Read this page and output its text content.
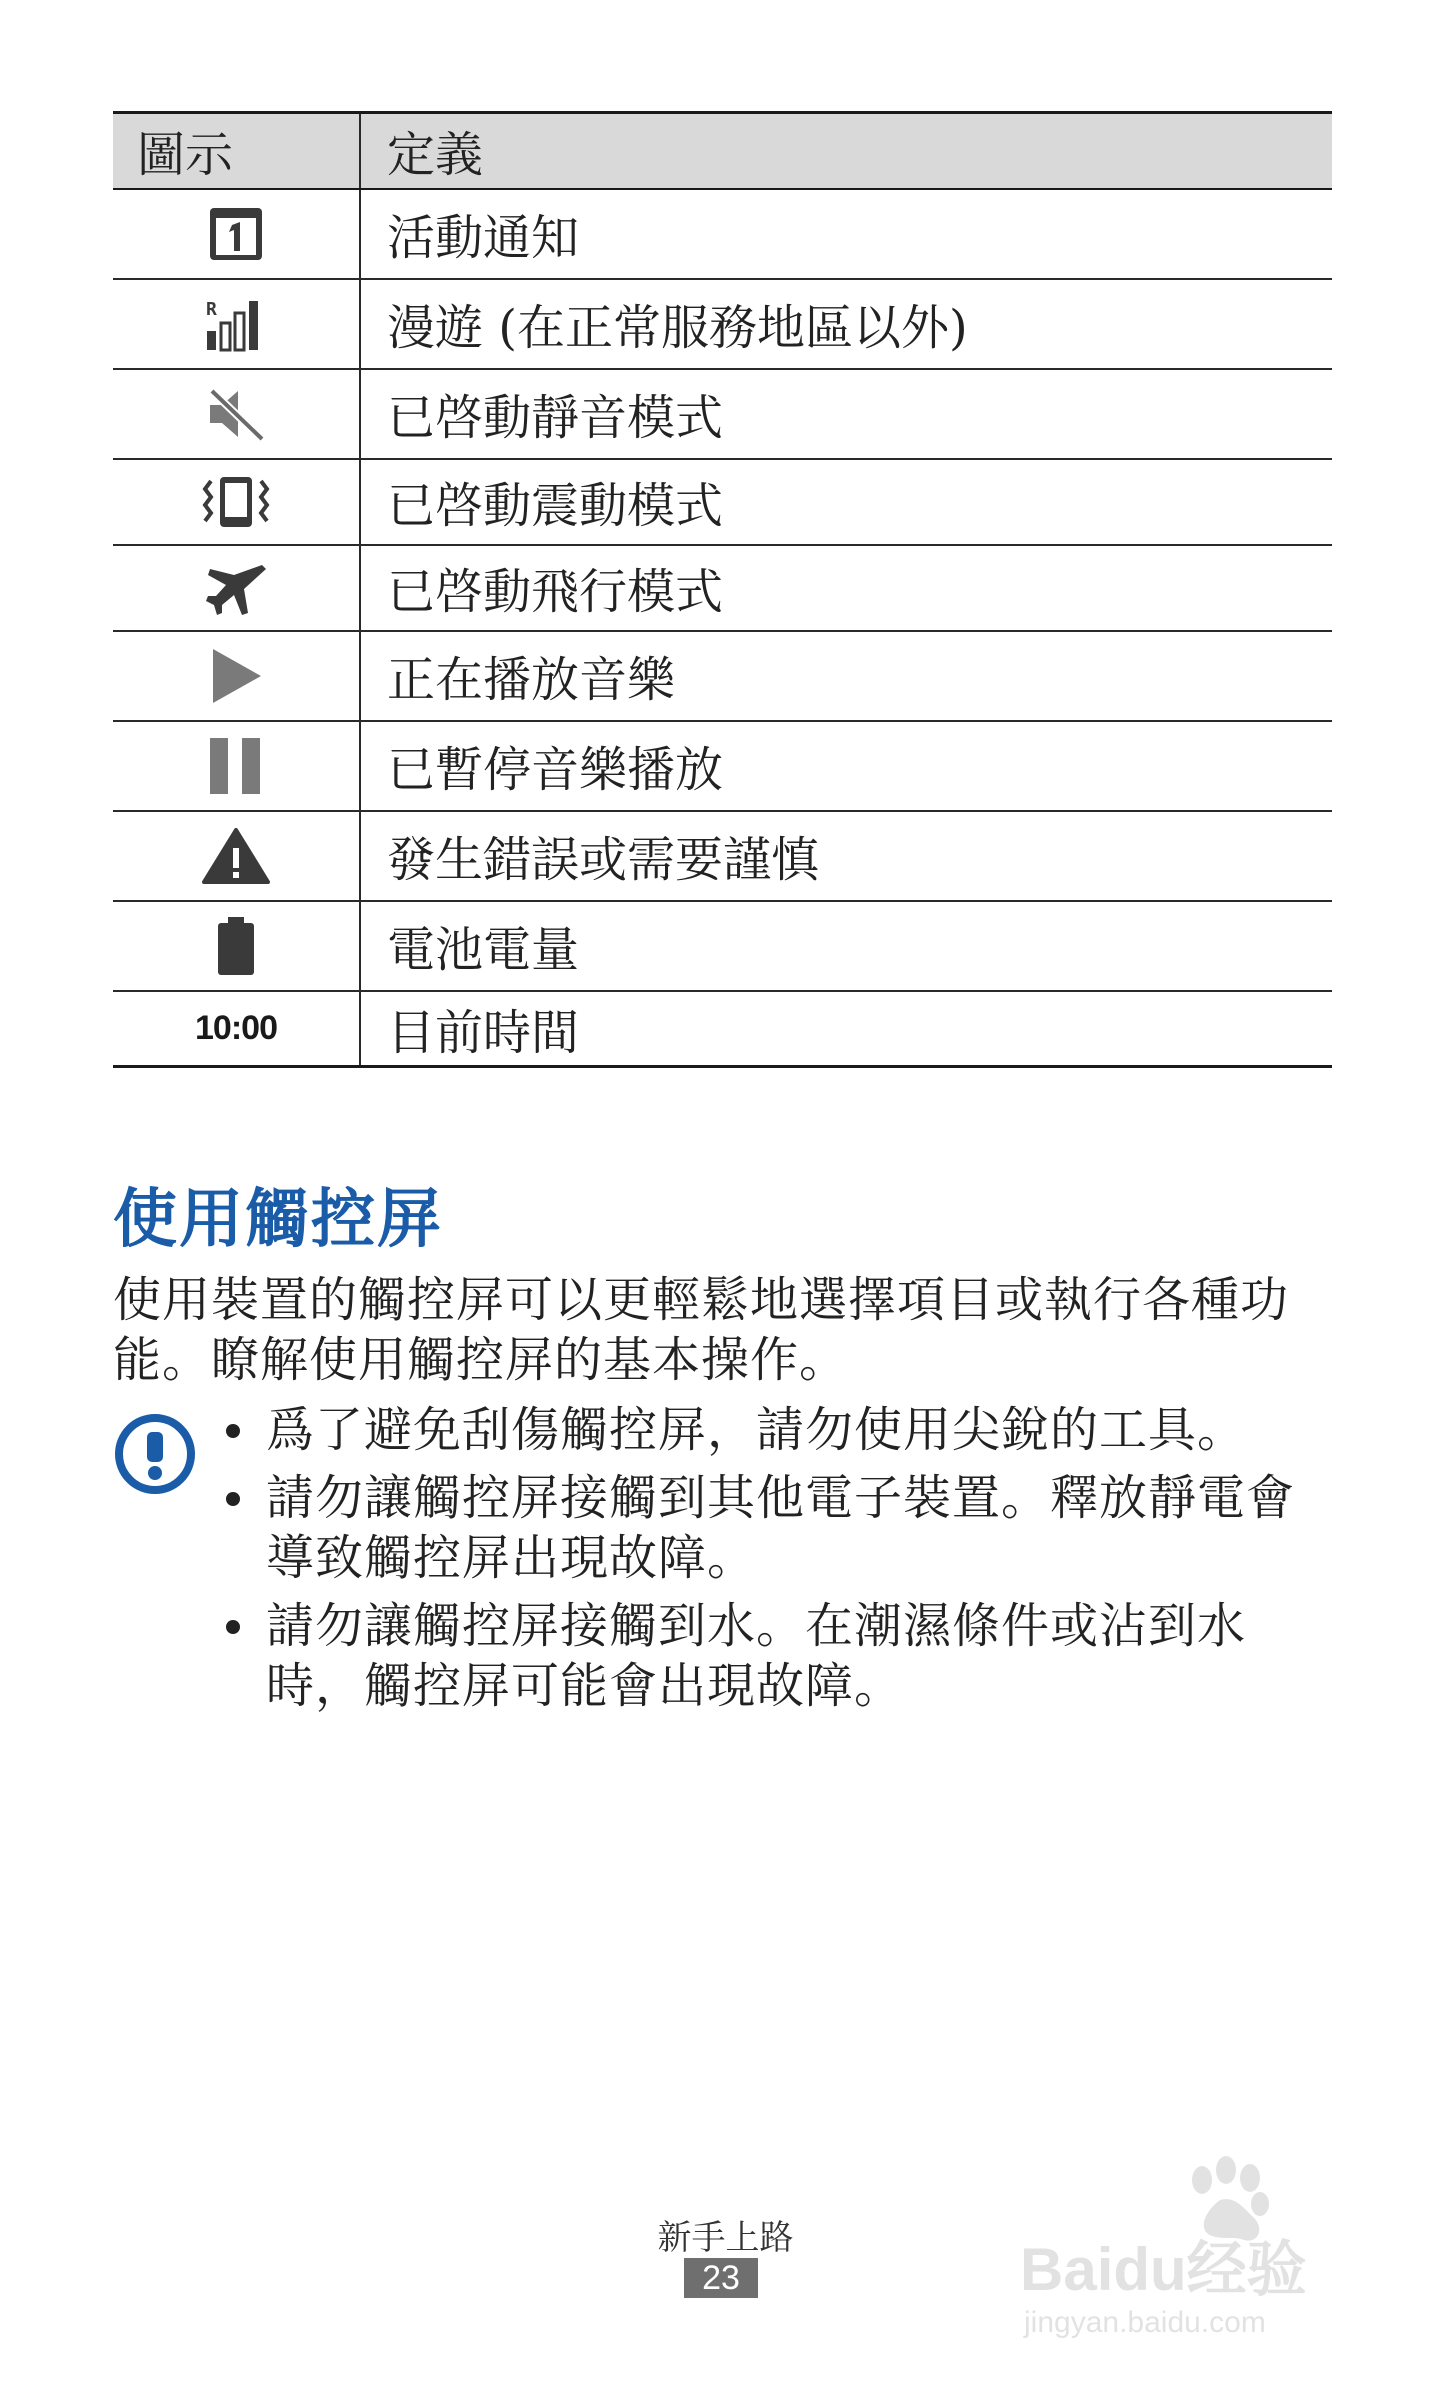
圖示	定義

	活動通知

R	漫遊 (在正常服務地區以外)

	已啓動靜音模式

	已啓動震動模式

	已啓動飛行模式

	正在播放音樂

	已暫停音樂播放

	發生錯誤或需要謹慎

	電池電量
10:00	目前時間
使用觸控屏

使用裝置的觸控屏可以更輕鬆地選擇項目或執行各種功能。瞭解使用觸控屏的基本操作。

爲了避免刮傷觸控屏，請勿使用尖銳的工具。
請勿讓觸控屏接觸到其他電子裝置。釋放靜電會導致觸控屏出現故障。
請勿讓觸控屏接觸到水。在潮濕條件或沾到水時，觸控屏可能會出現故障。

新手上路

23	Baidu经验
jingyan.baidu.com
